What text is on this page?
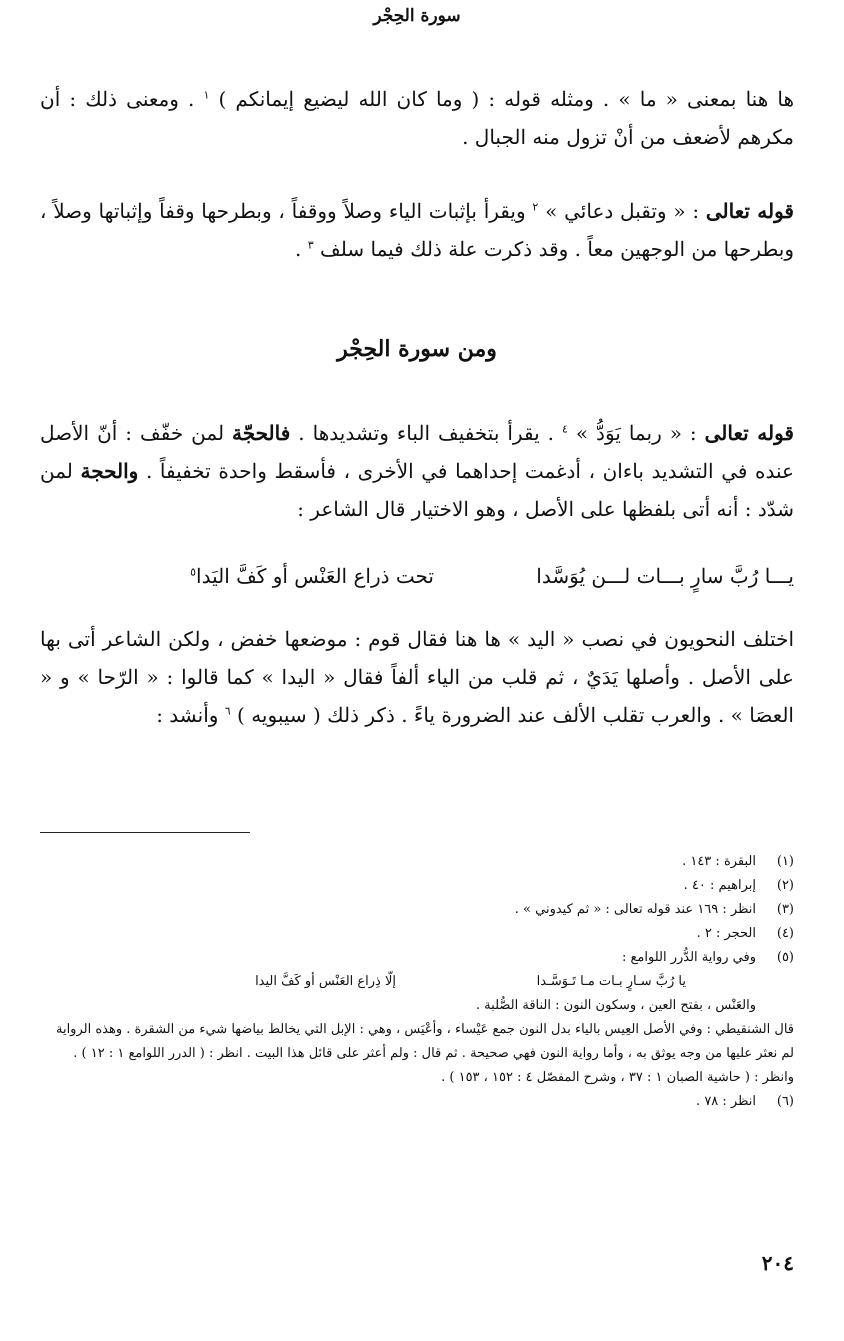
سورة الحِجْر
ها هنا بمعنى « ما » . ومثله قوله : ( وما كان الله ليضيع إيمانكم ) $^١$ . ومعنى ذلك : أن مكرهم لأضعف من أنْ تزول منه الجبال .
قوله تعالى : « وتقبل دعائي » $^٢$ ويقرأ بإثبات الياء وصلاً ووقفاً ، وبطرحها وقفاً وإثباتها وصلاً ، وبطرحها من الوجهين معاً . وقد ذكرت علة ذلك فيما سلف $^٣$ .
ومن سورة الحِجْر
قوله تعالى : « ربما يَوَدُّ » $^٤$ . يقرأ بتخفيف الباء وتشديدها . فالحجّة لمن خفّف : أنّ الأصل عنده في التشديد باءان ، أدغمت إحداهما في الأخرى ، فأسقط واحدة تخفيفاً . والحجة لمن شدّد : أنه أتى بلفظها على الأصل ، وهو الاختيار قال الشاعر :
يـــا رُبَّ سارٍ بـــات لـــن يُوَسَّدا
تحت ذراع العَنْس أو كَفَّ اليَدا$^٥$
اختلف النحويون في نصب « اليد » ها هنا فقال قوم : موضعها خفض ، ولكن الشاعر أتى بها على الأصل . وأصلها يَدَيٌ ، ثم قلب من الياء ألفاً فقال « اليدا » كما قالوا : « الرّحا » و « العصَا » . والعرب تقلب الألف عند الضرورة ياءً . ذكر ذلك ( سيبويه ) $^٦$ وأنشد :
(١)
البقرة : ١٤٣ .
(٢)
إبراهيم : ٤٠ .
(٣)
انظر : ١٦٩ عند قوله تعالى : « ثم كيدوني » .
(٤)
الحجر : ٢ .
(٥)
وفي رواية الدُّرر اللوامع :
يا رُبَّ سـارٍ بـات مـا تَـوَسَّـدا
إلّا ذِراع العَنْس أو كَفَّ اليدا
والعَنْس ، بفتح العين ، وسكون النون : الناقة الصُّلبة .
قال الشنقيطي : وفي الأصل العِيس بالياء بدل النون جمع عَيْساء ، وأعْيَس ، وهي : الإبل التي يخالط بياضها شيء من الشقرة . وهذه الرواية لم نعثر عليها من وجه يوثق به ، وأما رواية النون فهي صحيحة . ثم قال : ولم أعثر على قائل هذا البيت . انظر : ( الدرر اللوامع ١ : ١٢ ) . وانظر : ( حاشية الصبان ١ : ٣٧ ، وشرح المفصّل ٤ : ١٥٢ ، ١٥٣ ) .
(٦)
انظر : ٧٨ .
٢٠٤
